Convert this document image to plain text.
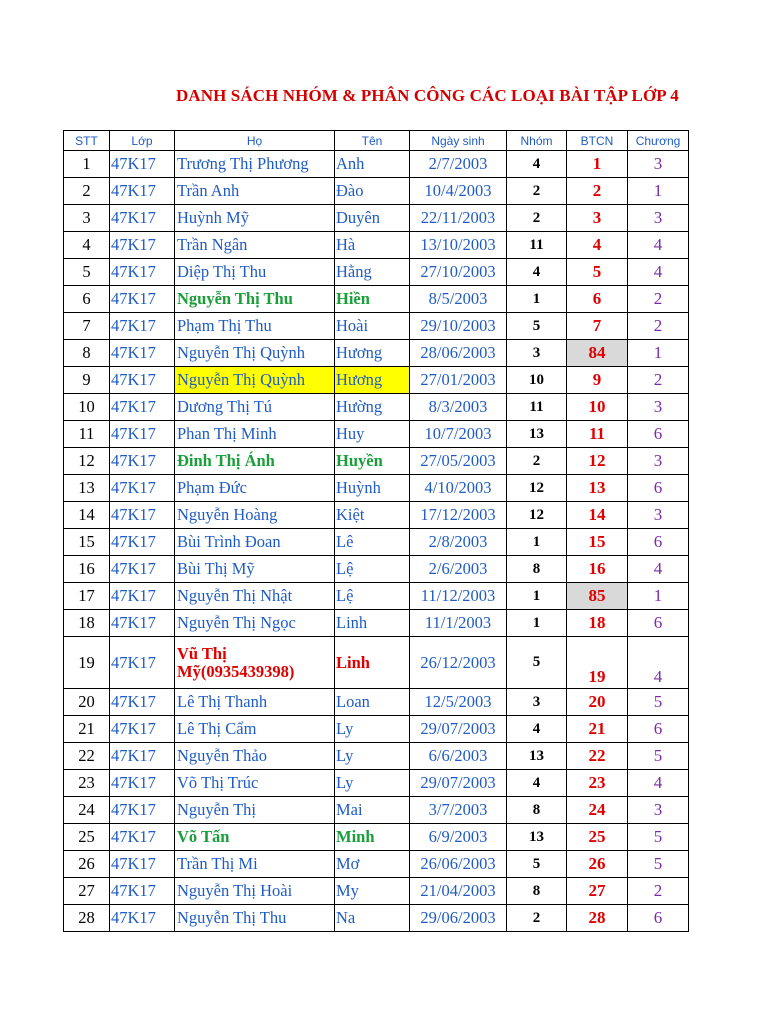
DANH SÁCH NHÓM & PHÂN CÔNG CÁC LOẠI BÀI TẬP LỚP 4
STT	Lớp	Họ	Tên	Ngày sinh	Nhóm	BTCN	Chương
1	47K17	Trương Thị Phương	Anh	2/7/2003	4	1	3
2	47K17	Trần Anh	Đào	10/4/2003	2	2	1
3	47K17	Huỳnh Mỹ	Duyên	22/11/2003	2	3	3
4	47K17	Trần Ngân	Hà	13/10/2003	11	4	4
5	47K17	Diệp Thị Thu	Hằng	27/10/2003	4	5	4
6	47K17	Nguyễn Thị Thu	Hiền	8/5/2003	1	6	2
7	47K17	Phạm Thị Thu	Hoài	29/10/2003	5	7	2
8	47K17	Nguyễn Thị Quỳnh	Hương	28/06/2003	3	84	1
9	47K17	Nguyễn Thị Quỳnh	Hương	27/01/2003	10	9	2
10	47K17	Dương Thị Tú	Hường	8/3/2003	11	10	3
11	47K17	Phan Thị Minh	Huy	10/7/2003	13	11	6
12	47K17	Đinh Thị Ánh	Huyền	27/05/2003	2	12	3
13	47K17	Phạm Đức	Huỳnh	4/10/2003	12	13	6
14	47K17	Nguyễn Hoàng	Kiệt	17/12/2003	12	14	3
15	47K17	Bùi Trình Đoan	Lê	2/8/2003	1	15	6
16	47K17	Bùi Thị Mỹ	Lệ	2/6/2003	8	16	4
17	47K17	Nguyễn Thị Nhật	Lệ	11/12/2003	1	85	1
18	47K17	Nguyễn Thị Ngọc	Linh	11/1/2003	1	18	6
19	47K17	Vũ Thị Mỹ(0935439398)	Linh	26/12/2003	5	19	4
20	47K17	Lê Thị Thanh	Loan	12/5/2003	3	20	5
21	47K17	Lê Thị Cẩm	Ly	29/07/2003	4	21	6
22	47K17	Nguyễn Thảo	Ly	6/6/2003	13	22	5
23	47K17	Võ Thị Trúc	Ly	29/07/2003	4	23	4
24	47K17	Nguyễn Thị	Mai	3/7/2003	8	24	3
25	47K17	Võ Tấn	Minh	6/9/2003	13	25	5
26	47K17	Trần Thị Mi	Mơ	26/06/2003	5	26	5
27	47K17	Nguyễn Thị Hoài	My	21/04/2003	8	27	2
28	47K17	Nguyễn Thị Thu	Na	29/06/2003	2	28	6
